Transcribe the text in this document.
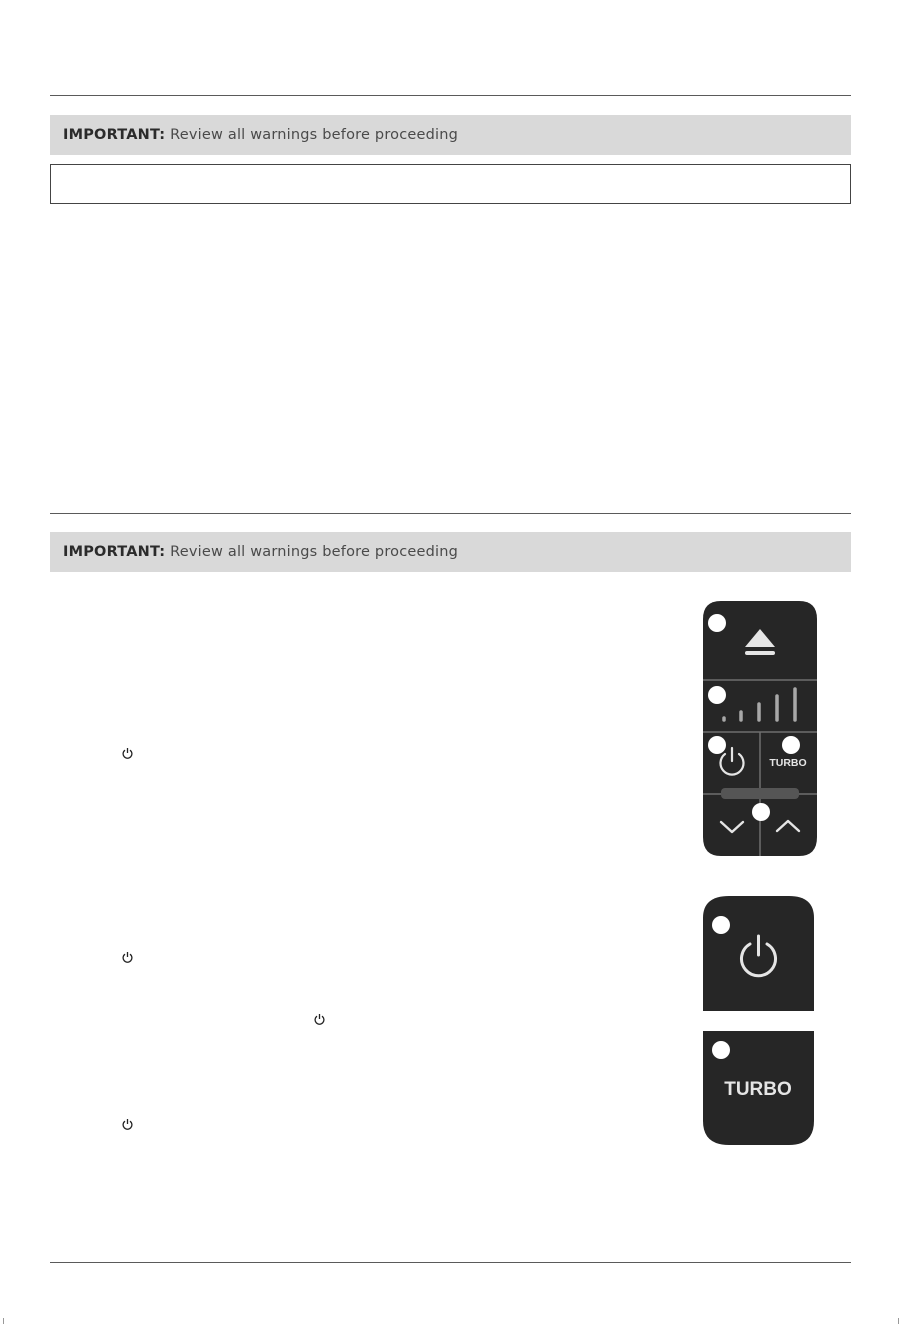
IMPORTANT: Review all warnings before proceeding
IMPORTANT: Review all warnings before proceeding
TURBO
TURBO
